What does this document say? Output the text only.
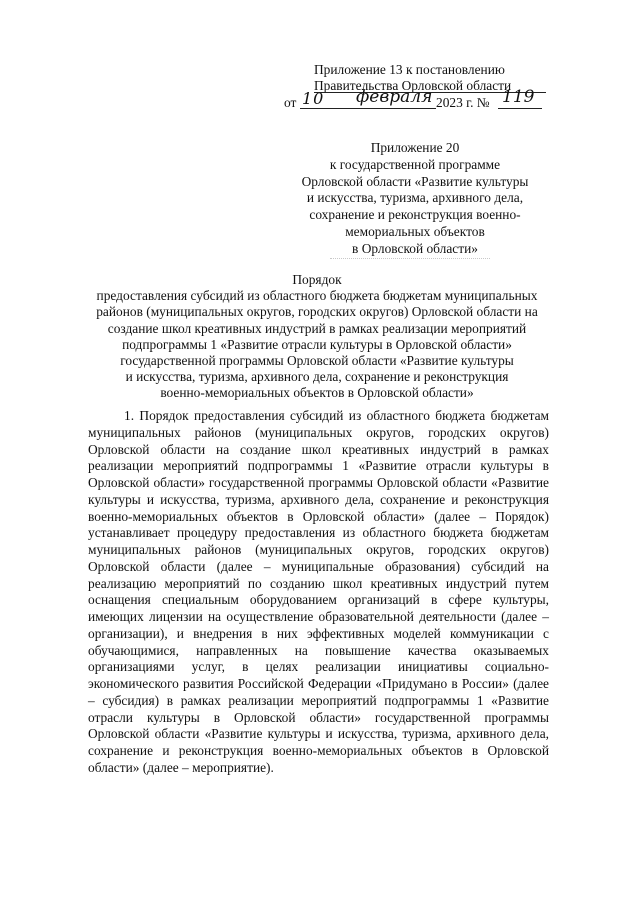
Приложение 13 к постановлению
Правительства Орловской области
от 10	февраля 2023 г. № 119
Приложение 20
к государственной программе
Орловской области «Развитие культуры
и искусства, туризма, архивного дела,
сохранение и реконструкция военно-
мемориальных объектов
в Орловской области»
Порядок
предоставления субсидий из областного бюджета бюджетам муниципальных
районов (муниципальных округов, городских округов) Орловской области на
создание школ креативных индустрий в рамках реализации мероприятий
подпрограммы 1 «Развитие отрасли культуры в Орловской области»
государственной программы Орловской области «Развитие культуры
и искусства, туризма, архивного дела, сохранение и реконструкция
военно-мемориальных объектов в Орловской области»
1. Порядок предоставления субсидий из областного бюджета бюджетам муниципальных районов (муниципальных округов, городских округов) Орловской области на создание школ креативных индустрий в рамках реализации мероприятий подпрограммы 1 «Развитие отрасли культуры в Орловской области» государственной программы Орловской области «Развитие культуры и искусства, туризма, архивного дела, сохранение и реконструкция военно-мемориальных объектов в Орловской области» (далее – Порядок) устанавливает процедуру предоставления из областного бюджета бюджетам муниципальных районов (муниципальных округов, городских округов) Орловской области (далее – муниципальные образования) субсидий на реализацию мероприятий по созданию школ креативных индустрий путем оснащения специальным оборудованием организаций в сфере культуры, имеющих лицензии на осуществление образовательной деятельности (далее – организации), и внедрения в них эффективных моделей коммуникации с обучающимися, направленных на повышение качества оказываемых организациями услуг, в целях реализации инициативы социально-экономического развития Российской Федерации «Придумано в России» (далее – субсидия) в рамках реализации мероприятий подпрограммы 1 «Развитие отрасли культуры в Орловской области» государственной программы Орловской области «Развитие культуры и искусства, туризма, архивного дела, сохранение и реконструкция военно-мемориальных объектов в Орловской области» (далее – мероприятие).
